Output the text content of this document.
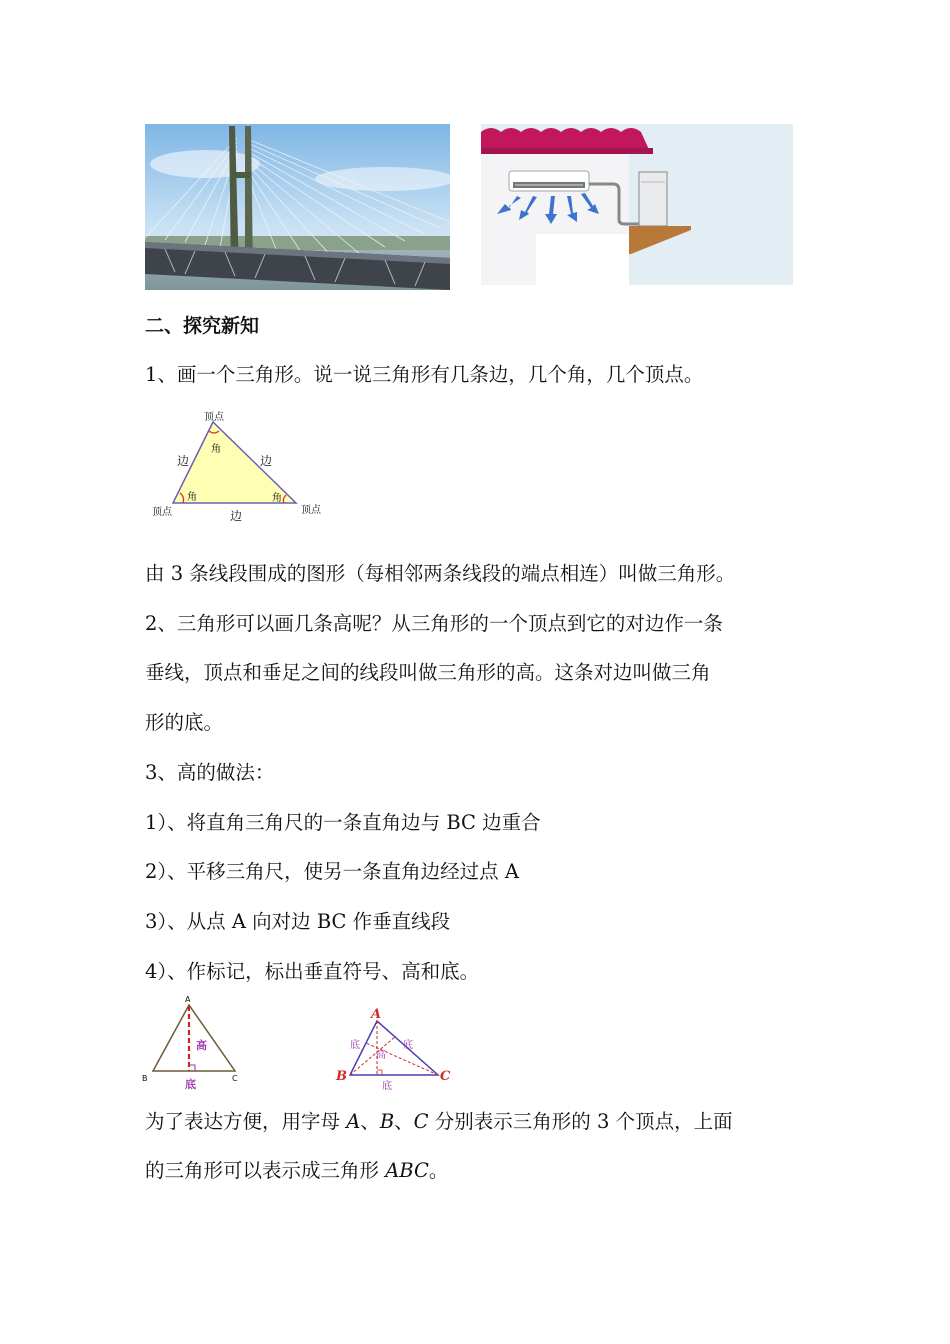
二、探究新知
1、画一个三角形。说一说三角形有几条边，几个角，几个顶点。
顶点
顶点	顶点
边	边
边
角
角	角
由 3 条线段围成的图形（每相邻两条线段的端点相连）叫做三角形。
2、三角形可以画几条高呢？从三角形的一个顶点到它的对边作一条
垂线，顶点和垂足之间的线段叫做三角形的高。这条对边叫做三角
形的底。
3、高的做法：
1）、将直角三角尺的一条直角边与 BC 边重合
2）、平移三角尺，使另一条直角边经过点 A
3）、从点 A 向对边 BC 作垂直线段
4）、作标记，标出垂直符号、高和底。
A
B	C
高
底
A
B	C
底	底
高
底
为了表达方便，用字母 A、B、C 分别表示三角形的 3 个顶点，上面
的三角形可以表示成三角形 ABC。
